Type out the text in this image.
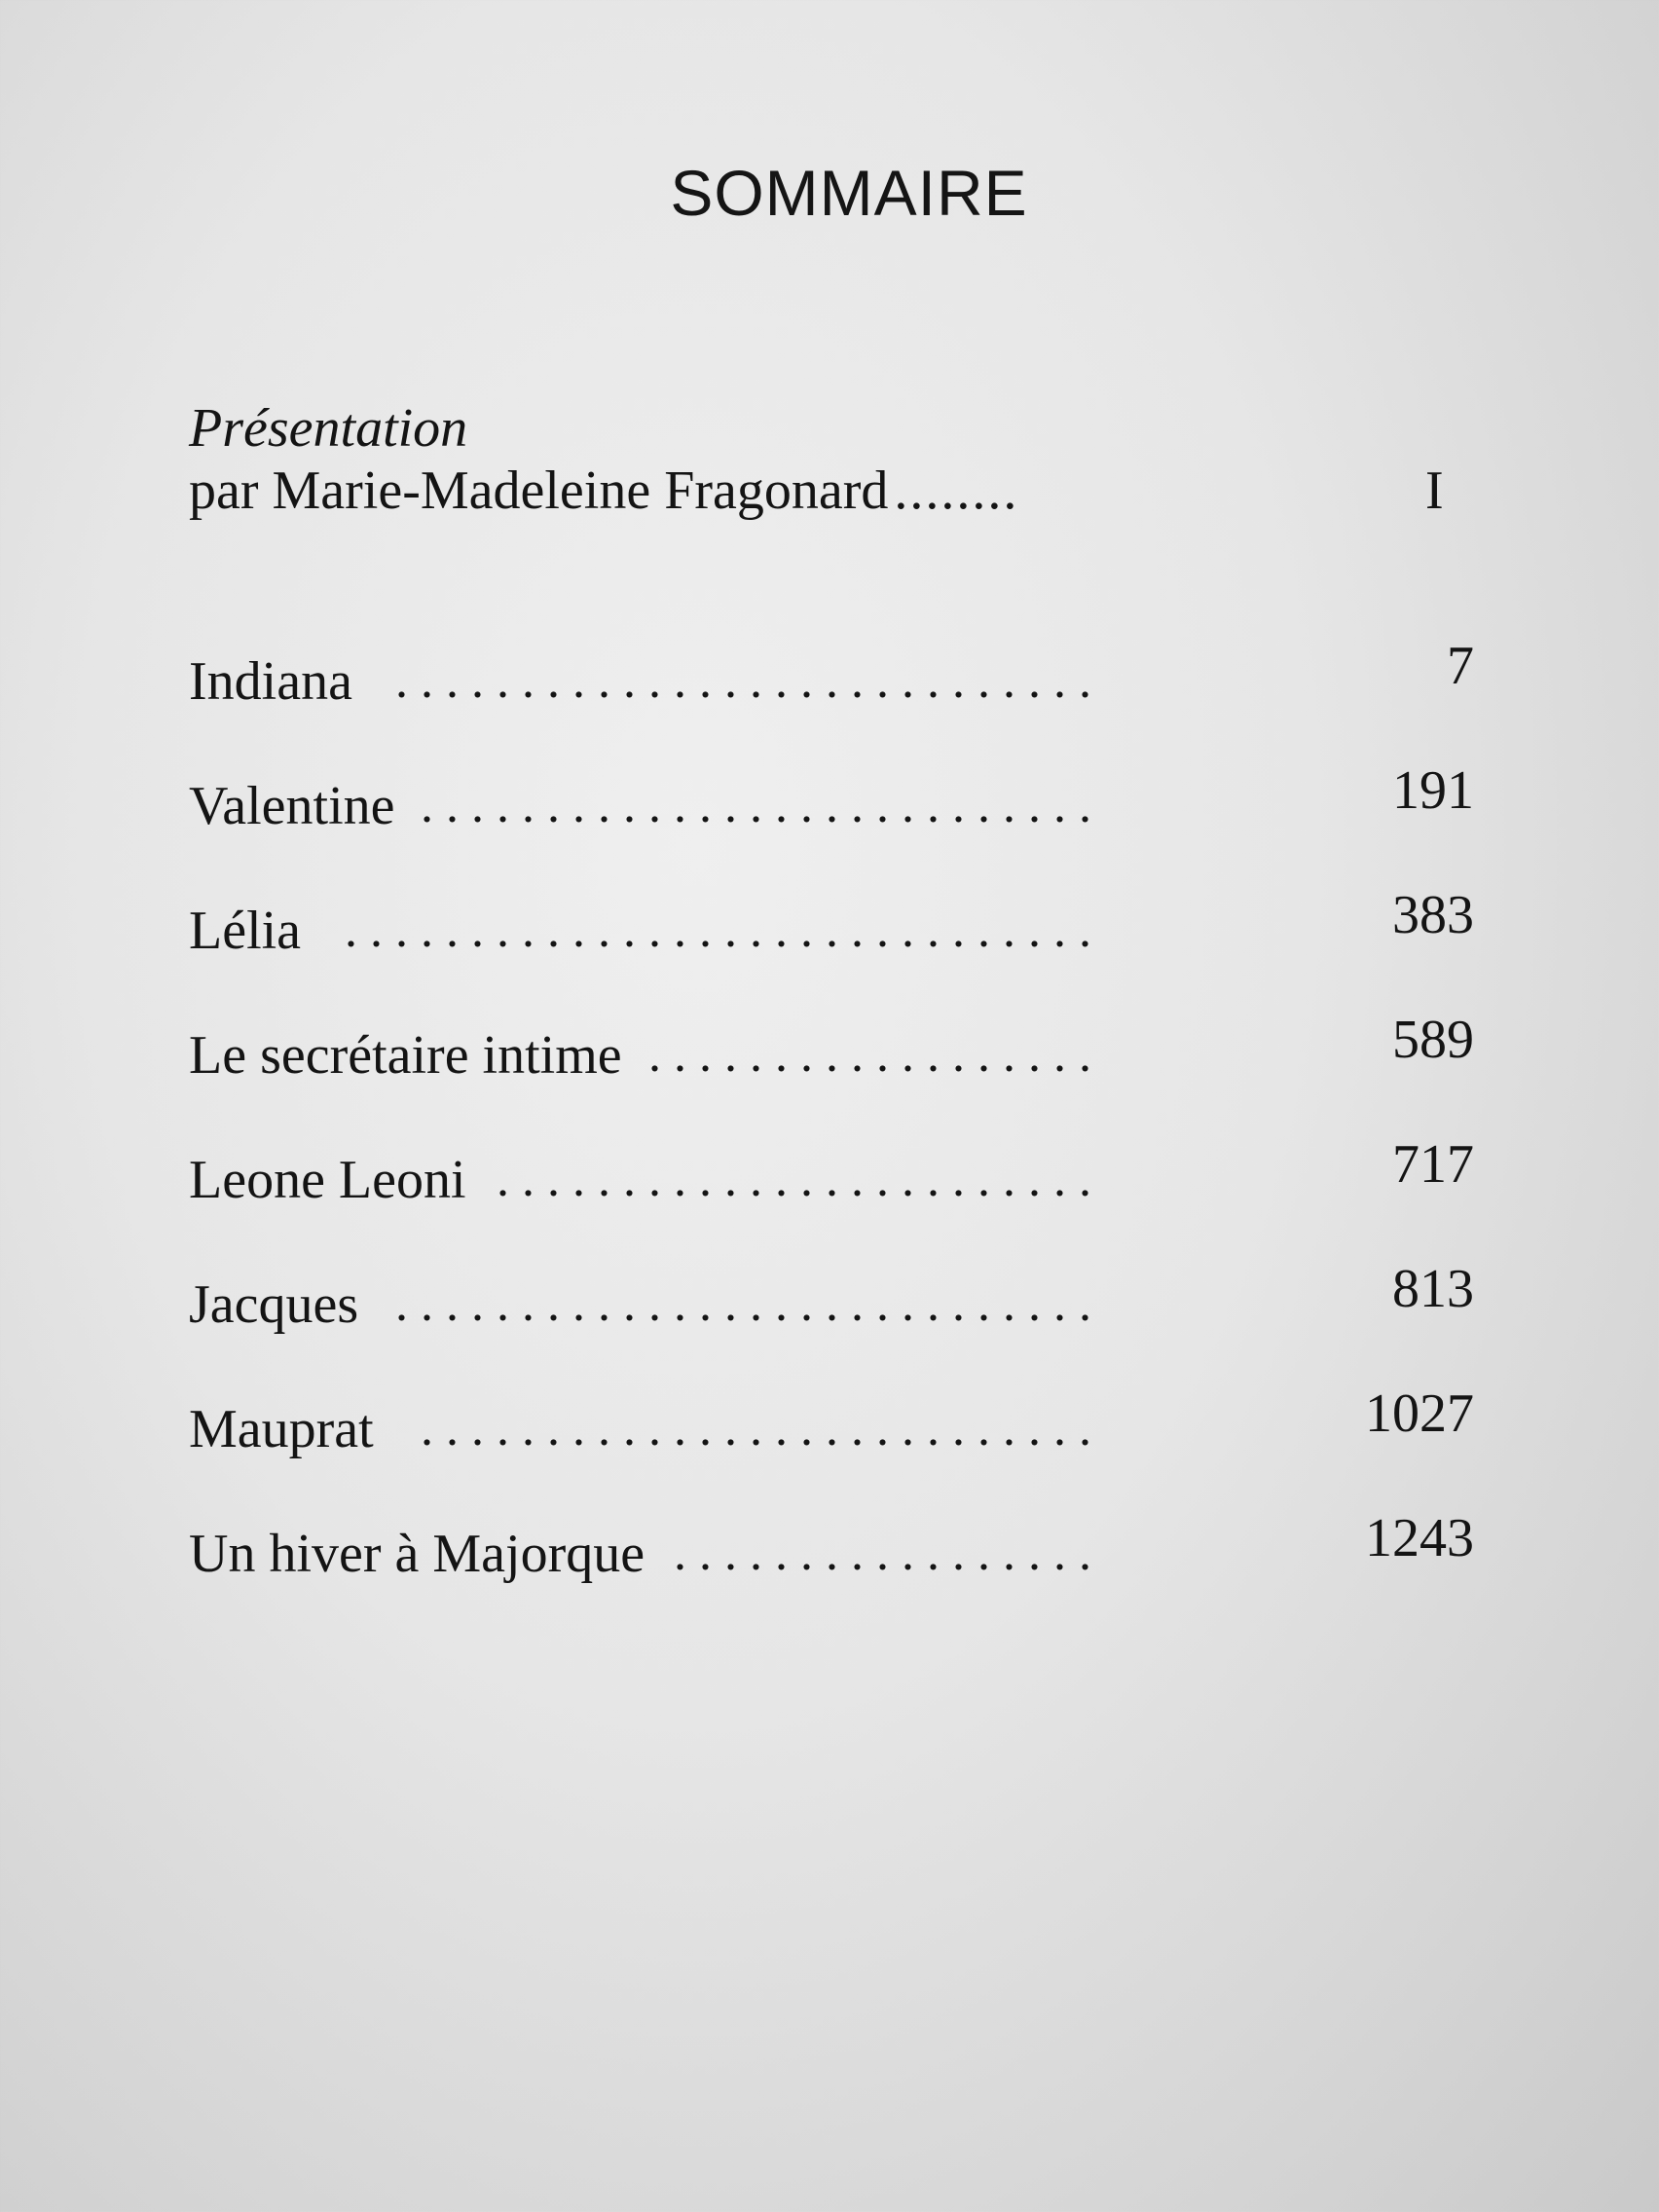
SOMMAIRE
Présentation
par Marie-Madeleine Fragonard ........	I
Indiana ............................	7
Valentine ...........................	191
Lélia ..............................	383
Le secrétaire intime ..................	589
Leone Leoni ........................	717
Jacques ............................	813
Mauprat ...........................	1027
Un hiver à Majorque .................	1243
